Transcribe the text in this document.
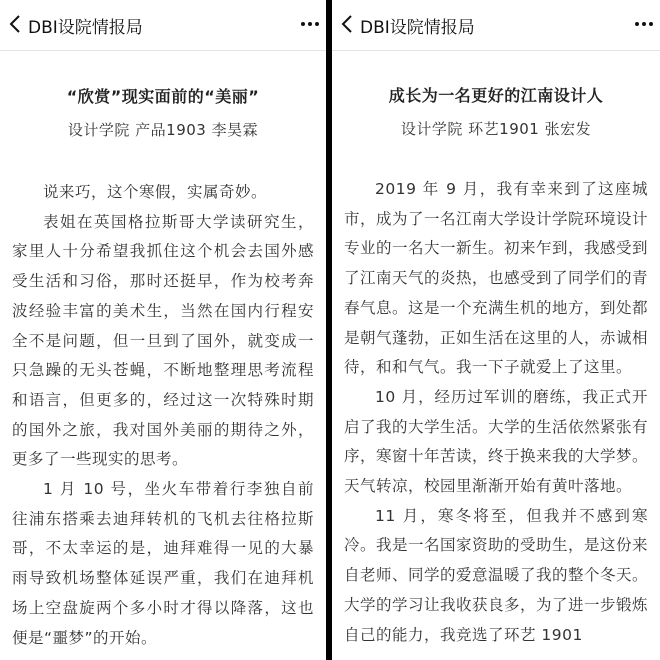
DBI设院情报局
“欣赏”现实面前的“美丽”
设计学院 产品1903 李昊霖

说来巧，这个寒假，实属奇妙。

表姐在英国格拉斯哥大学读研究生，家里人十分希望我抓住这个机会去国外感受生活和习俗，那时还挺早，作为校考奔波经验丰富的美术生，当然在国内行程安全不是问题，但一旦到了国外，就变成一只急躁的无头苍蝇，不断地整理思考流程和语言，但更多的，经过这一次特殊时期的国外之旅，我对国外美丽的期待之外，更多了一些现实的思考。

1 月 10 号，坐火车带着行李独自前往浦东搭乘去迪拜转机的飞机去往格拉斯哥，不太幸运的是，迪拜难得一见的大暴雨导致机场整体延误严重，我们在迪拜机场上空盘旋两个多小时才得以降落，这也便是“噩梦”的开始。

DBI设院情报局
成长为一名更好的江南设计人
设计学院 环艺1901 张宏发

2019 年 9 月，我有幸来到了这座城市，成为了一名江南大学设计学院环境设计专业的一名大一新生。初来乍到，我感受到了江南天气的炎热，也感受到了同学们的青春气息。这是一个充满生机的地方，到处都是朝气蓬勃，正如生活在这里的人，赤诚相待，和和气气。我一下子就爱上了这里。

10 月，经历过军训的磨练，我正式开启了我的大学生活。大学的生活依然紧张有序，寒窗十年苦读，终于换来我的大学梦。天气转凉，校园里渐渐开始有黄叶落地。

11 月，寒冬将至，但我并不感到寒冷。我是一名国家资助的受助生，是这份来自老师、同学的爱意温暖了我的整个冬天。大学的学习让我收获良多，为了进一步锻炼自己的能力，我竞选了环艺 1901
